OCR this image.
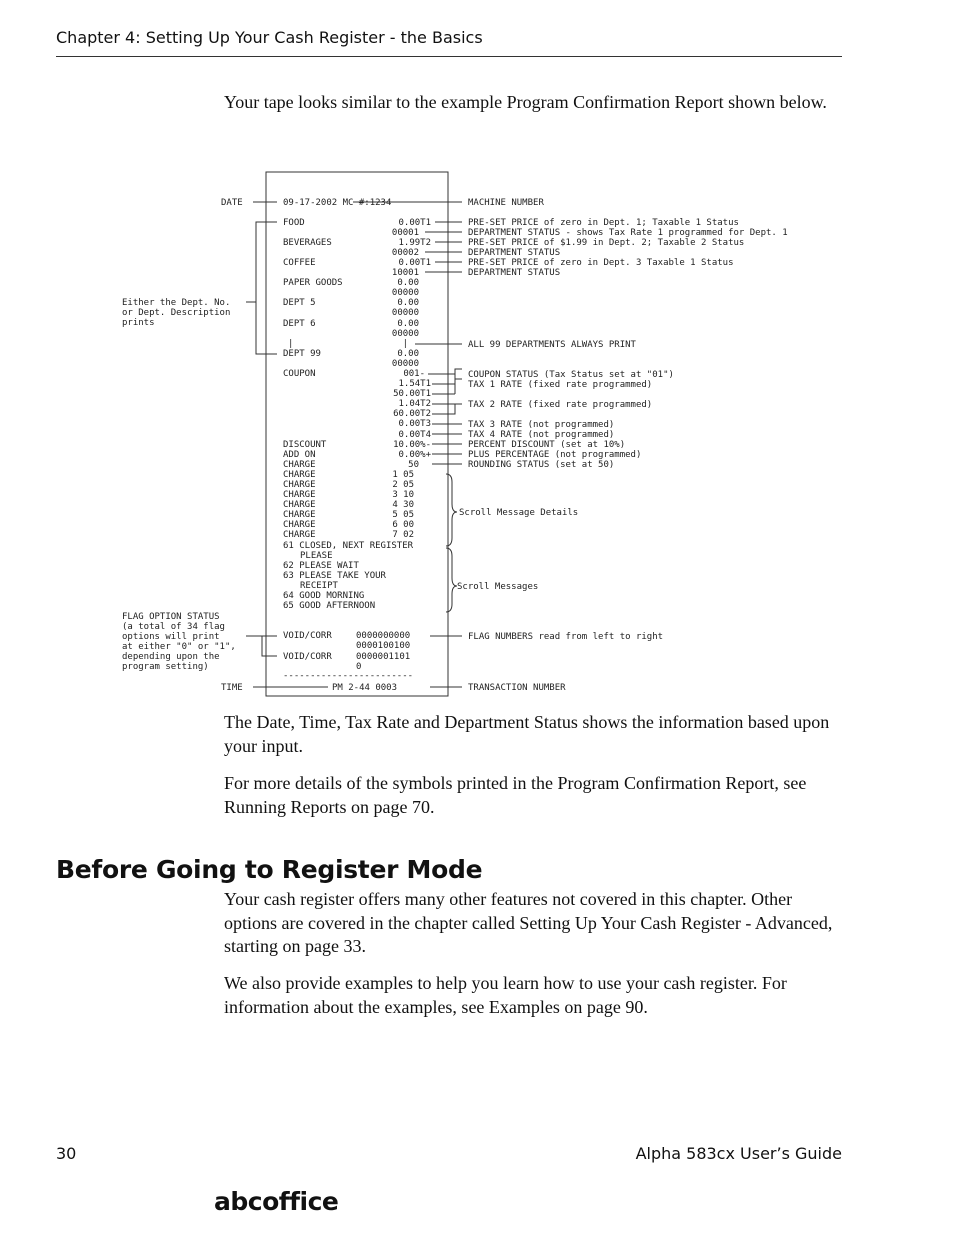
Chapter 4: Setting Up Your Cash Register - the Basics

Your tape looks similar to the example Program Confirmation Report shown below.

DATE
Either the Dept. No.
or Dept. Description
prints
FLAG OPTION STATUS
(a total of 34 flag
options will print
at either "0" or "1",
depending upon the
program setting)
TIME
09-17-2002 MC #:1234
FOOD
BEVERAGES
COFFEE
PAPER GOODS
DEPT 5
DEPT 6
|
DEPT 99
COUPON
DISCOUNT
ADD ON
CHARGE
CHARGE
CHARGE
CHARGE
CHARGE
CHARGE
CHARGE
CHARGE
61 CLOSED, NEXT REGISTER
PLEASE
62 PLEASE WAIT
63 PLEASE TAKE YOUR
RECEIPT
64 GOOD MORNING
65 GOOD AFTERNOON
VOID/CORR
VOID/CORR
------------------------
PM 2-44 0003
0.00T1
00001
1.99T2
00002
0.00T1
10001
0.00
00000
0.00
00000
0.00
00000
|
0.00
00000
001-
1.54T1
50.00T1
1.04T2
60.00T2
0.00T3
0.00T4
10.00%-
0.00%+
50
1 05
2 05
3 10
4 30
5 05
6 00
7 02
0000000000
0000100100
0000001101
0
MACHINE NUMBER
PRE-SET PRICE of zero in Dept. 1; Taxable 1 Status
DEPARTMENT STATUS - shows Tax Rate 1 programmed for Dept. 1
PRE-SET PRICE of $1.99 in Dept. 2; Taxable 2 Status
DEPARTMENT STATUS
PRE-SET PRICE of zero in Dept. 3 Taxable 1 Status
DEPARTMENT STATUS
ALL 99 DEPARTMENTS ALWAYS PRINT
COUPON STATUS (Tax Status set at "01")
TAX 1 RATE (fixed rate programmed)
TAX 2 RATE (fixed rate programmed)
TAX 3 RATE (not programmed)
TAX 4 RATE (not programmed)
PERCENT DISCOUNT (set at 10%)
PLUS PERCENTAGE (not programmed)
ROUNDING STATUS (set at 50)
Scroll Message Details
Scroll Messages
FLAG NUMBERS read from left to right
TRANSACTION NUMBER

The Date, Time, Tax Rate and Department Status shows the information based upon your input.

For more details of the symbols printed in the Program Confirmation Report, see Running Reports on page 70.

Before Going to Register Mode

Your cash register offers many other features not covered in this chapter. Other options are covered in the chapter called Setting Up Your Cash Register - Advanced, starting on page 33.

We also provide examples to help you learn how to use your cash register. For information about the examples, see Examples on page 90.

30	Alpha 583cx User’s Guide
abcoffice
